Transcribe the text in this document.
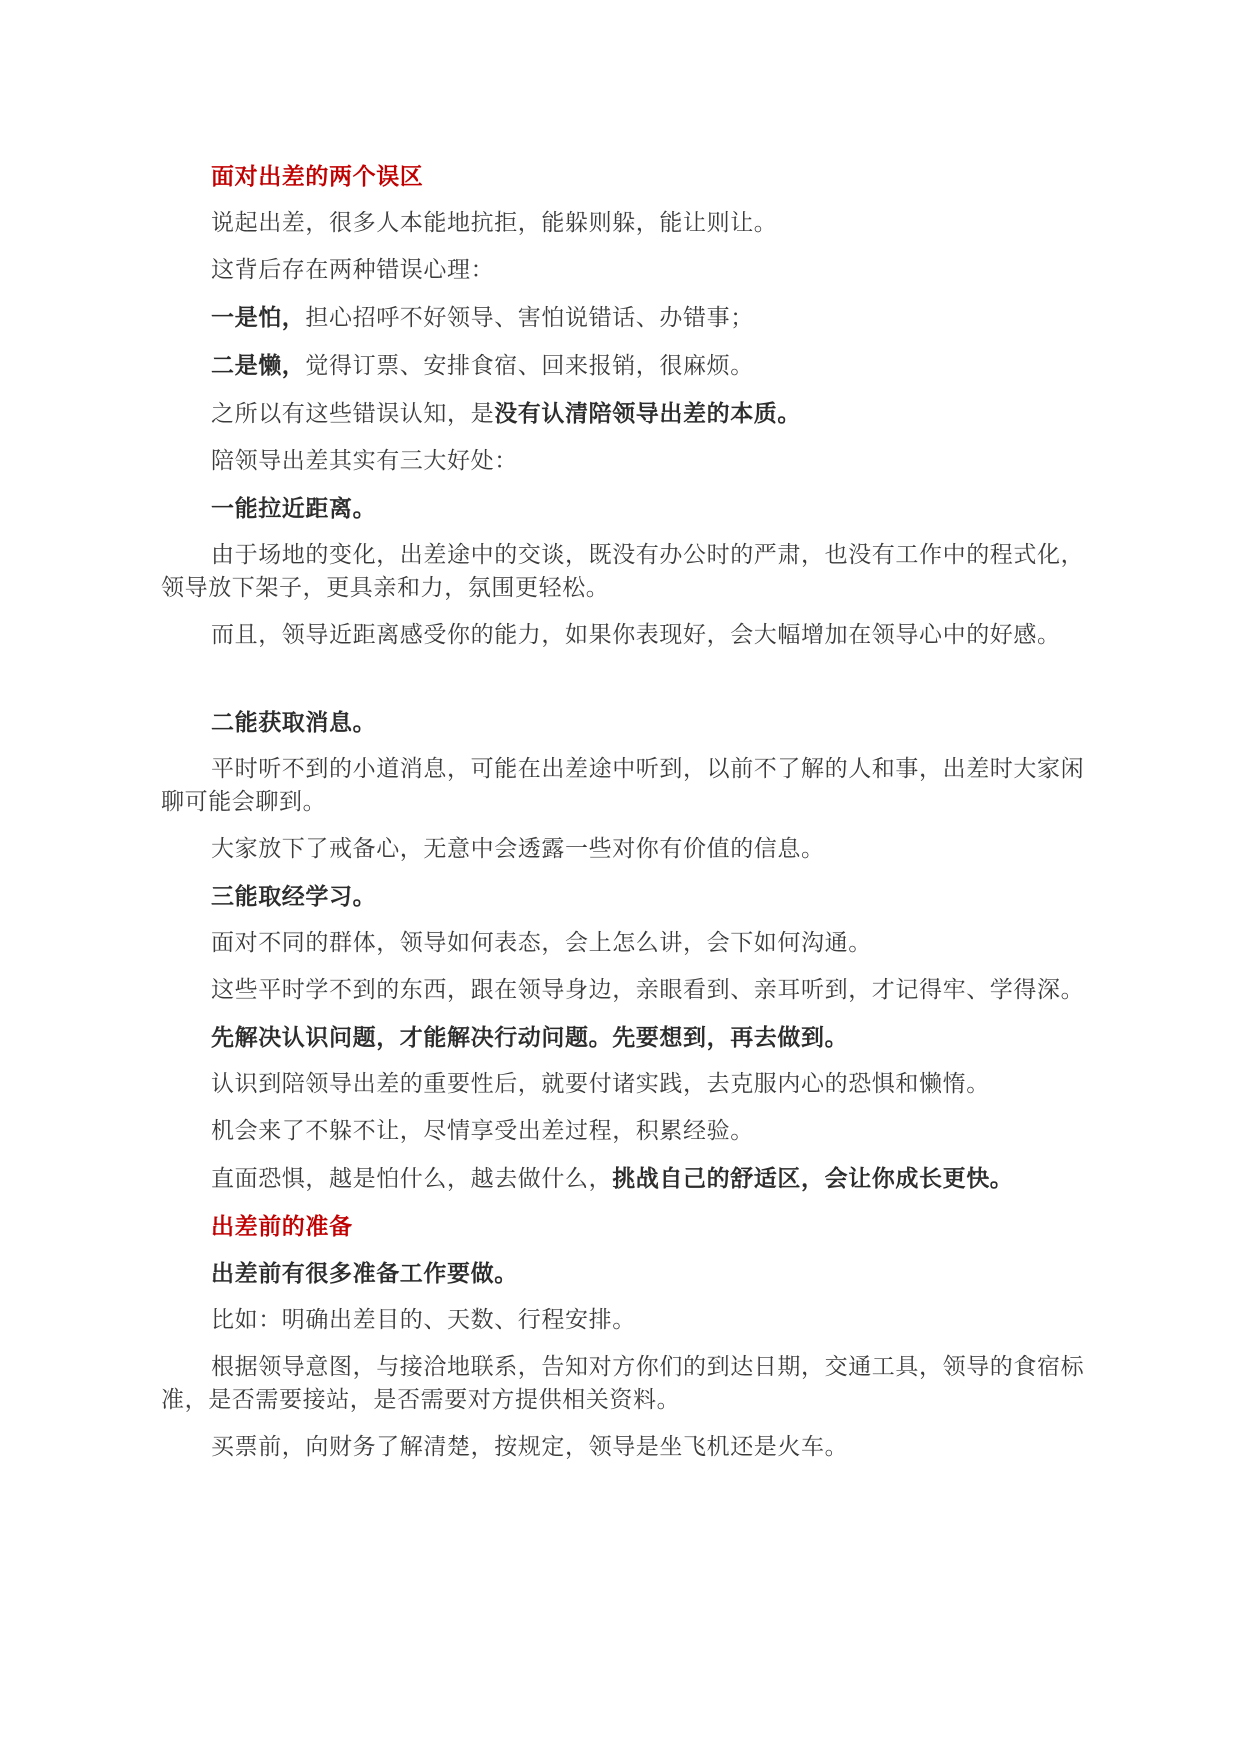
面对出差的两个误区

说起出差，很多人本能地抗拒，能躲则躲，能让则让。

这背后存在两种错误心理：

一是怕，担心招呼不好领导、害怕说错话、办错事；

二是懒，觉得订票、安排食宿、回来报销，很麻烦。

之所以有这些错误认知，是没有认清陪领导出差的本质。

陪领导出差其实有三大好处：

一能拉近距离。

由于场地的变化，出差途中的交谈，既没有办公时的严肃，也没有工作中的程式化，领导放下架子，更具亲和力，氛围更轻松。

而且，领导近距离感受你的能力，如果你表现好，会大幅增加在领导心中的好感。

二能获取消息。

平时听不到的小道消息，可能在出差途中听到，以前不了解的人和事，出差时大家闲聊可能会聊到。

大家放下了戒备心，无意中会透露一些对你有价值的信息。

三能取经学习。

面对不同的群体，领导如何表态，会上怎么讲，会下如何沟通。

这些平时学不到的东西，跟在领导身边，亲眼看到、亲耳听到，才记得牢、学得深。

先解决认识问题，才能解决行动问题。先要想到，再去做到。

认识到陪领导出差的重要性后，就要付诸实践，去克服内心的恐惧和懒惰。

机会来了不躲不让，尽情享受出差过程，积累经验。

直面恐惧，越是怕什么，越去做什么，挑战自己的舒适区，会让你成长更快。

出差前的准备

出差前有很多准备工作要做。

比如：明确出差目的、天数、行程安排。

根据领导意图，与接洽地联系，告知对方你们的到达日期，交通工具，领导的食宿标准，是否需要接站，是否需要对方提供相关资料。

买票前，向财务了解清楚，按规定，领导是坐飞机还是火车。
